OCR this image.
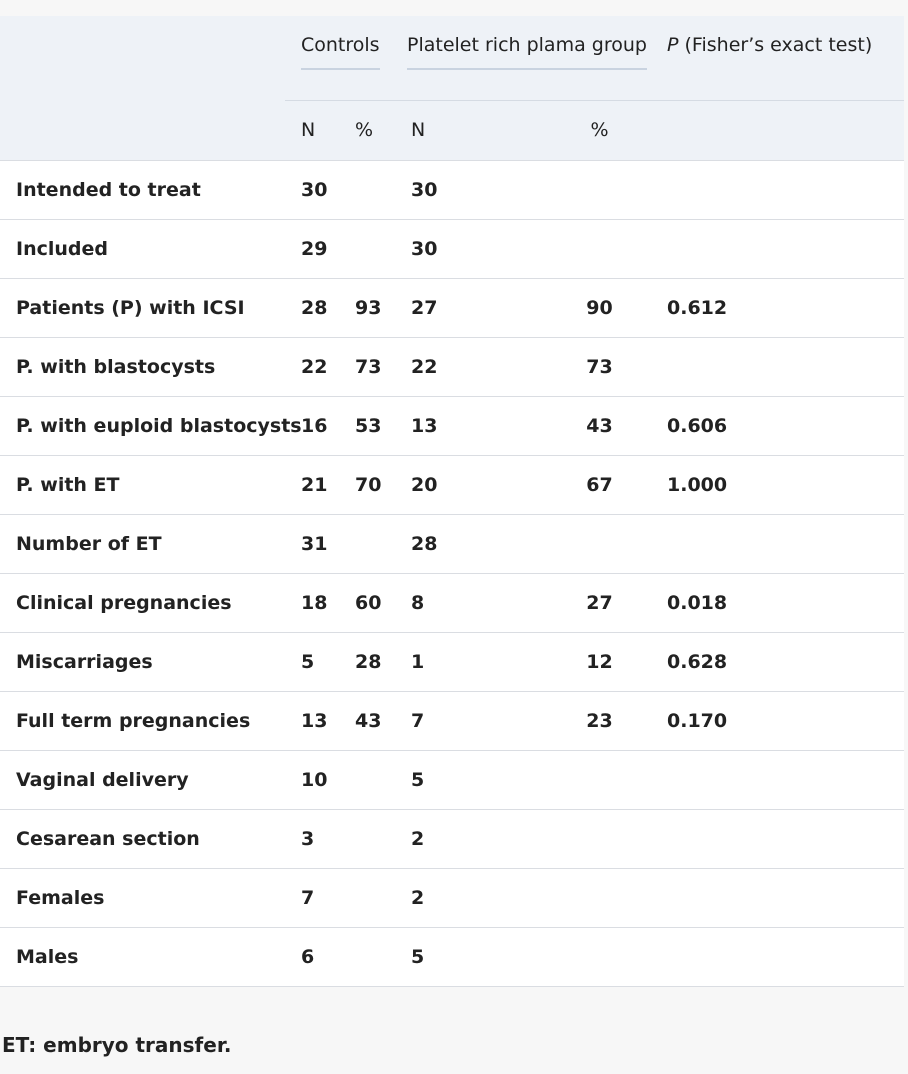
	Controls		Platelet rich plama group		P (Fisher’s exact test)
	N	%	N	%	
Intended to treat	30		30		
Included	29		30		
Patients (P) with ICSI	28	93	27	90	0.612
P. with blastocysts	22	73	22	73	
P. with euploid blastocysts	16	53	13	43	0.606
P. with ET	21	70	20	67	1.000
Number of ET	31		28		
Clinical pregnancies	18	60	8	27	0.018
Miscarriages	5	28	1	12	0.628
Full term pregnancies	13	43	7	23	0.170
Vaginal delivery	10		5		
Cesarean section	3		2		
Females	7		2		
Males	6		5		
ET: embryo transfer.
